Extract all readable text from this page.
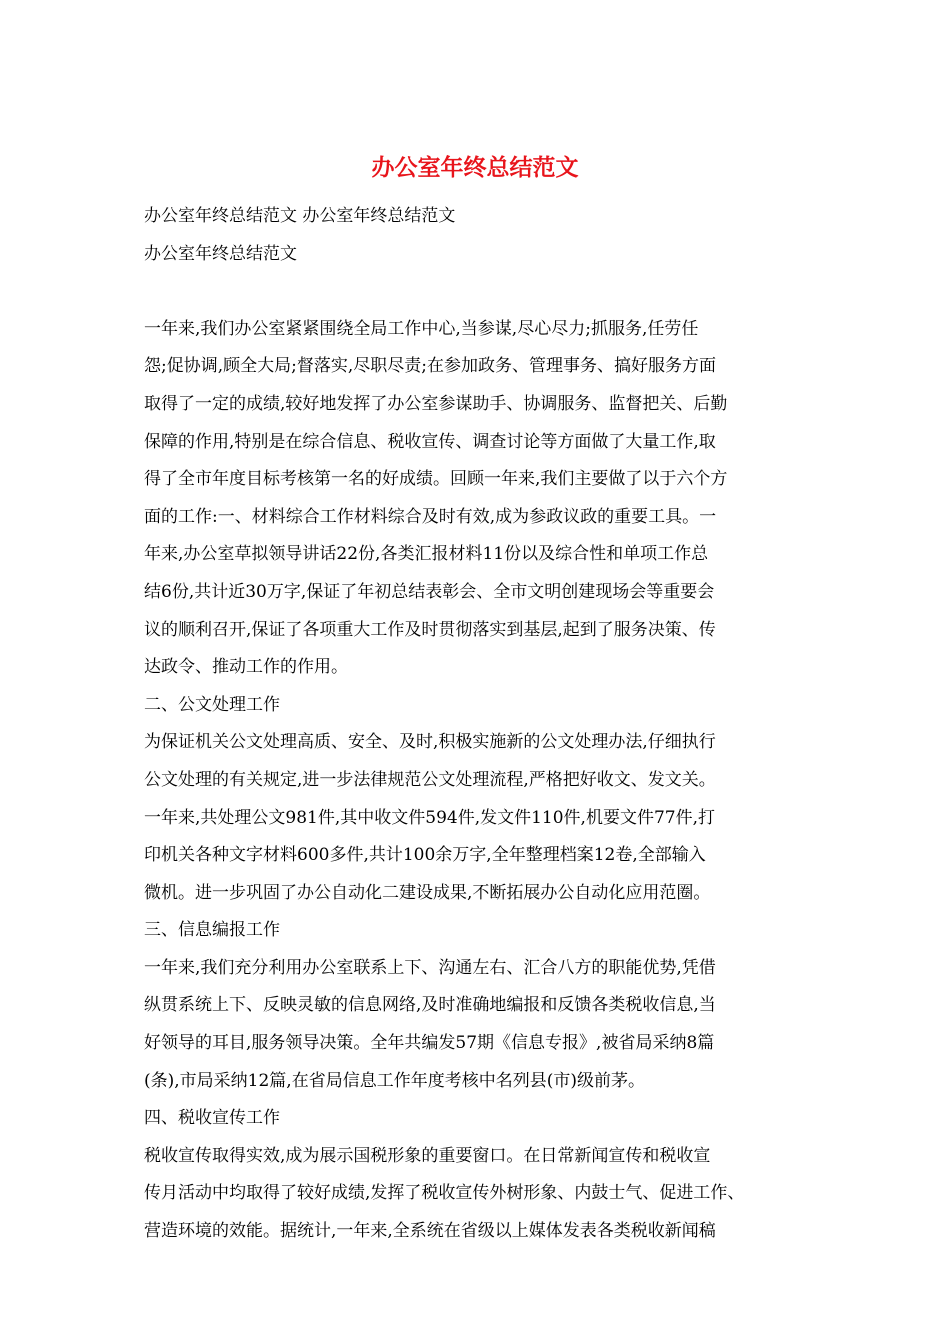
办公室年终总结范文

办公室年终总结范文 办公室年终总结范文

办公室年终总结范文

一年来,我们办公室紧紧围绕全局工作中心,当参谋,尽心尽力;抓服务,任劳任

怨;促协调,顾全大局;督落实,尽职尽责;在参加政务、管理事务、搞好服务方面

取得了一定的成绩,较好地发挥了办公室参谋助手、协调服务、监督把关、后勤

保障的作用,特别是在综合信息、税收宣传、调查讨论等方面做了大量工作,取

得了全市年度目标考核第一名的好成绩。回顾一年来,我们主要做了以于六个方

面的工作:一、材料综合工作材料综合及时有效,成为参政议政的重要工具。一

年来,办公室草拟领导讲话22份,各类汇报材料11份以及综合性和单项工作总

结6份,共计近30万字,保证了年初总结表彰会、全市文明创建现场会等重要会

议的顺利召开,保证了各项重大工作及时贯彻落实到基层,起到了服务决策、传

达政令、推动工作的作用。

二、公文处理工作

为保证机关公文处理高质、安全、及时,积极实施新的公文处理办法,仔细执行

公文处理的有关规定,进一步法律规范公文处理流程,严格把好收文、发文关。

一年来,共处理公文981件,其中收文件594件,发文件110件,机要文件77件,打

印机关各种文字材料600多件,共计100余万字,全年整理档案12卷,全部输入

微机。进一步巩固了办公自动化二建设成果,不断拓展办公自动化应用范圈。

三、信息编报工作

一年来,我们充分利用办公室联系上下、沟通左右、汇合八方的职能优势,凭借

纵贯系统上下、反映灵敏的信息网络,及时准确地编报和反馈各类税收信息,当

好领导的耳目,服务领导决策。全年共编发57期《信息专报》,被省局采纳8篇

(条),市局采纳12篇,在省局信息工作年度考核中名列县(市)级前茅。

四、税收宣传工作

税收宣传取得实效,成为展示国税形象的重要窗口。在日常新闻宣传和税收宣

传月活动中均取得了较好成绩,发挥了税收宣传外树形象、内鼓士气、促进工作、

营造环境的效能。据统计,一年来,全系统在省级以上媒体发表各类税收新闻稿
